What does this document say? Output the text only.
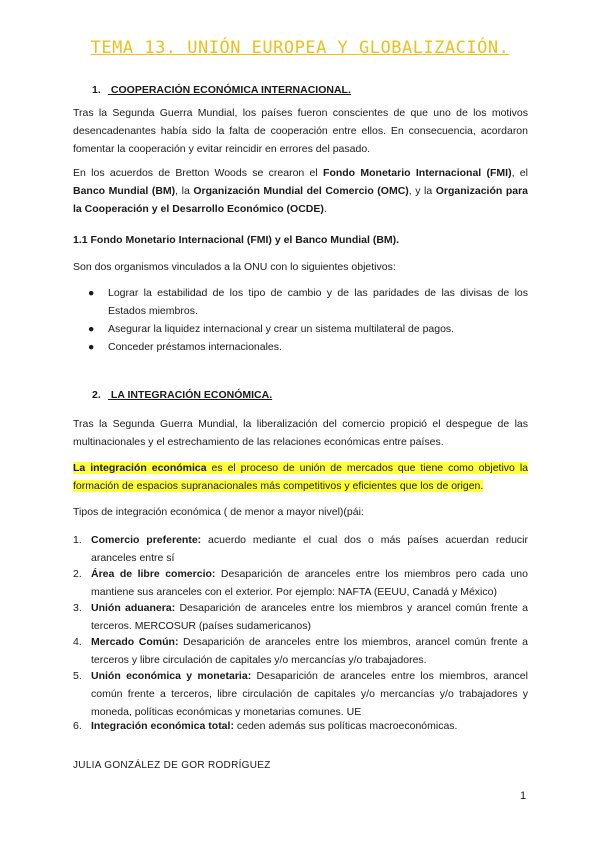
TEMA 13. UNIÓN EUROPEA Y GLOBALIZACIÓN.
1. COOPERACIÓN ECONÓMICA INTERNACIONAL.
Tras la Segunda Guerra Mundial, los países fueron conscientes de que uno de los motivos desencadenantes había sido la falta de cooperación entre ellos. En consecuencia, acordaron fomentar la cooperación y evitar reincidir en errores del pasado.
En los acuerdos de Bretton Woods se crearon el Fondo Monetario Internacional (FMI), el Banco Mundial (BM), la Organización Mundial del Comercio (OMC), y la Organización para la Cooperación y el Desarrollo Económico (OCDE).
1.1 Fondo Monetario Internacional (FMI) y el Banco Mundial (BM).
Son dos organismos vinculados a la ONU con lo siguientes objetivos:
● Lograr la estabilidad de los tipo de cambio y de las paridades de las divisas de los Estados miembros.
● Asegurar la liquidez internacional y crear un sistema multilateral de pagos.
● Conceder préstamos internacionales.
2. LA INTEGRACIÓN ECONÓMICA.
Tras la Segunda Guerra Mundial, la liberalización del comercio propició el despegue de las multinacionales y el estrechamiento de las relaciones económicas entre países.
La integración económica es el proceso de unión de mercados que tiene como objetivo la formación de espacios supranacionales más competitivos y eficientes que los de origen.
Tipos de integración económica ( de menor a mayor nivel)(pái:
1. Comercio preferente: acuerdo mediante el cual dos o más países acuerdan reducir aranceles entre sí
2. Área de libre comercio: Desaparición de aranceles entre los miembros pero cada uno mantiene sus aranceles con el exterior. Por ejemplo: NAFTA (EEUU, Canadá y México)
3. Unión aduanera: Desaparición de aranceles entre los miembros y arancel común frente a terceros. MERCOSUR (países sudamericanos)
4. Mercado Común: Desaparición de aranceles entre los miembros, arancel común frente a terceros y libre circulación de capitales y/o mercancías y/o trabajadores.
5. Unión económica y monetaria: Desaparición de aranceles entre los miembros, arancel común frente a terceros, libre circulación de capitales y/o mercancías y/o trabajadores y moneda, políticas económicas y monetarias comunes. UE
6. Integración económica total: ceden además sus políticas macroeconómicas.
JULIA GONZÁLEZ DE GOR RODRÍGUEZ
1
